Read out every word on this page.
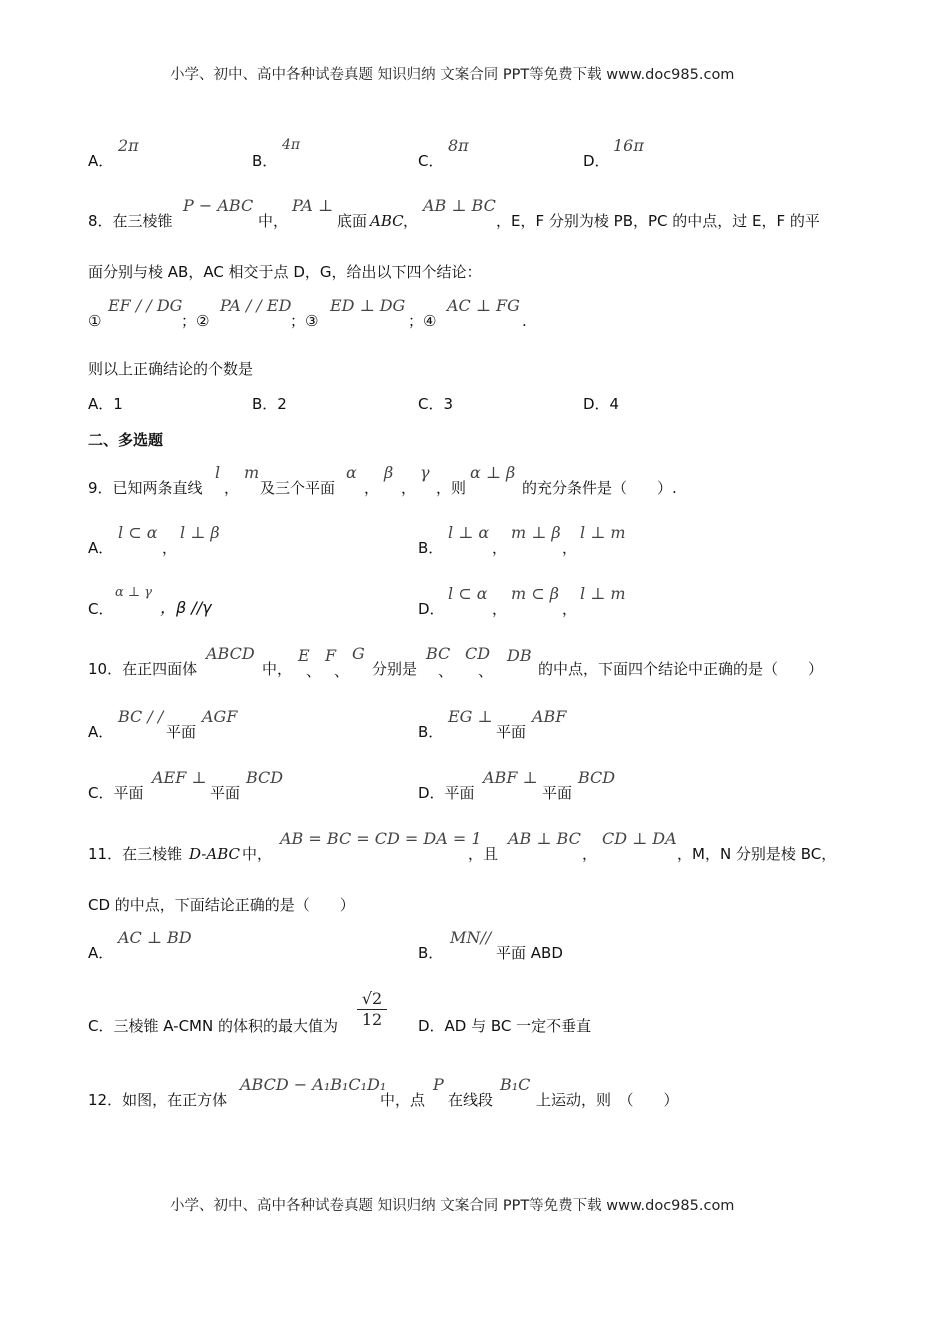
小学、初中、高中各种试卷真题 知识归纳 文案合同 PPT等免费下载 www.doc985.com
A．
2π
B．
4π
C．
8π
D．
16π
8．在三棱锥
P − ABC
中，
PA ⊥
底面 ABC ，
AB ⊥ BC
，E，F 分别为棱 PB，PC 的中点，过 E，F 的平
面分别与棱 AB，AC 相交于点 D，G，给出以下四个结论：
①
EF / / DG
；②
PA / / ED
；③
ED ⊥ DG
；④
AC ⊥ FG
.
则以上正确结论的个数是
A．1	B．2	C．3	D．4
二、多选题
9．已知两条直线
l
，
m
及三个平面
α
，
β
，
γ
，则
α ⊥ β
的充分条件是（　　）.
A．
l ⊂ α
，
l ⊥ β
B．
l ⊥ α
，
m ⊥ β
，
l ⊥ m
C．
α ⊥ γ
，β //γ	D．
l ⊂ α
，
m ⊂ β
，
l ⊥ m
10．在正四面体
ABCD
中，
E
、
F
、
G
分别是
BC
、
CD
、
DB
的中点，下面四个结论中正确的是（　　）
A．
BC / /
平面
AGF
B．
EG ⊥
平面
ABF
C．平面
AEF ⊥
平面
BCD
D．平面
ABF ⊥
平面
BCD
11．在三棱锥 D-ABC 中，
AB = BC = CD = DA = 1
，且
AB ⊥ BC
，
CD ⊥ DA
，M，N 分别是棱 BC，
CD 的中点，下面结论正确的是（　　）
A．
AC ⊥ BD
B．
MN//
平面 ABD
C．三棱锥 A-CMN 的体积的最大值为
√2
12 D．AD 与 BC 一定不垂直
12．如图，在正方体
ABCD − A₁B₁C₁D₁
中，点
P
在线段
B₁C
上运动，则　（　　）
小学、初中、高中各种试卷真题 知识归纳 文案合同 PPT等免费下载 www.doc985.com
